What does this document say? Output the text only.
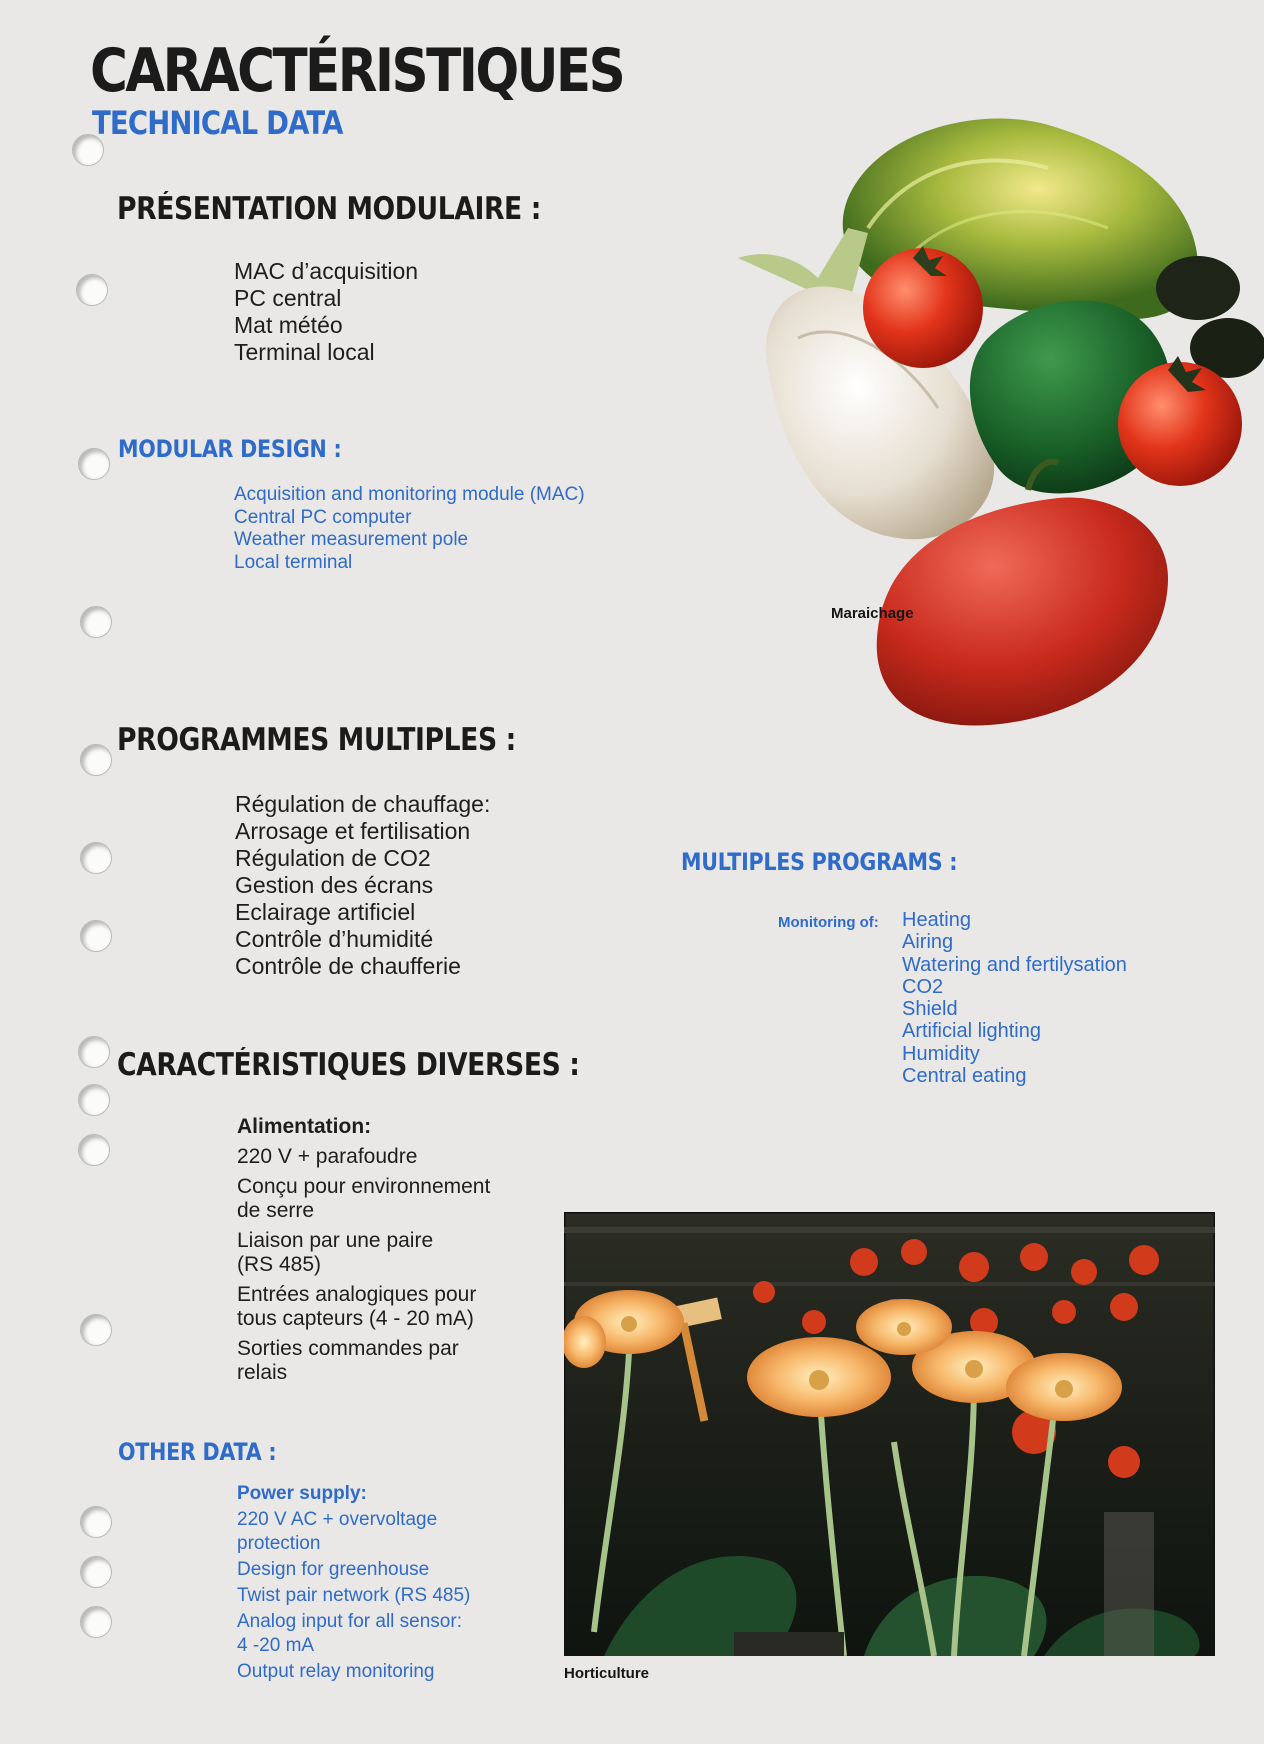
CARACTÉRISTIQUES
TECHNICAL DATA
PRÉSENTATION MODULAIRE :
MAC d’acquisition
PC central
Mat météo
Terminal local
MODULAR DESIGN :
Acquisition and monitoring module (MAC)
Central PC computer
Weather measurement pole
Local terminal
Maraichage
PROGRAMMES MULTIPLES :
Régulation de chauffage:
Arrosage et fertilisation
Régulation de CO2
Gestion des écrans
Eclairage artificiel
Contrôle d’humidité
Contrôle de chaufferie
MULTIPLES PROGRAMS :
Monitoring of: Heating
Airing
Watering and fertilysation
CO2
Shield
Artificial lighting
Humidity
Central eating
CARACTÉRISTIQUES DIVERSES :
Alimentation:
220 V + parafoudre
Conçu pour environnement
de serre
Liaison par une paire
(RS 485)
Entrées analogiques pour
tous capteurs (4 - 20 mA)
Sorties commandes par
relais
OTHER DATA :
Power supply:
220 V AC + overvoltage
protection
Design for greenhouse
Twist pair network (RS 485)
Analog input for all sensor:
4 -20 mA
Output relay monitoring	Horticulture
